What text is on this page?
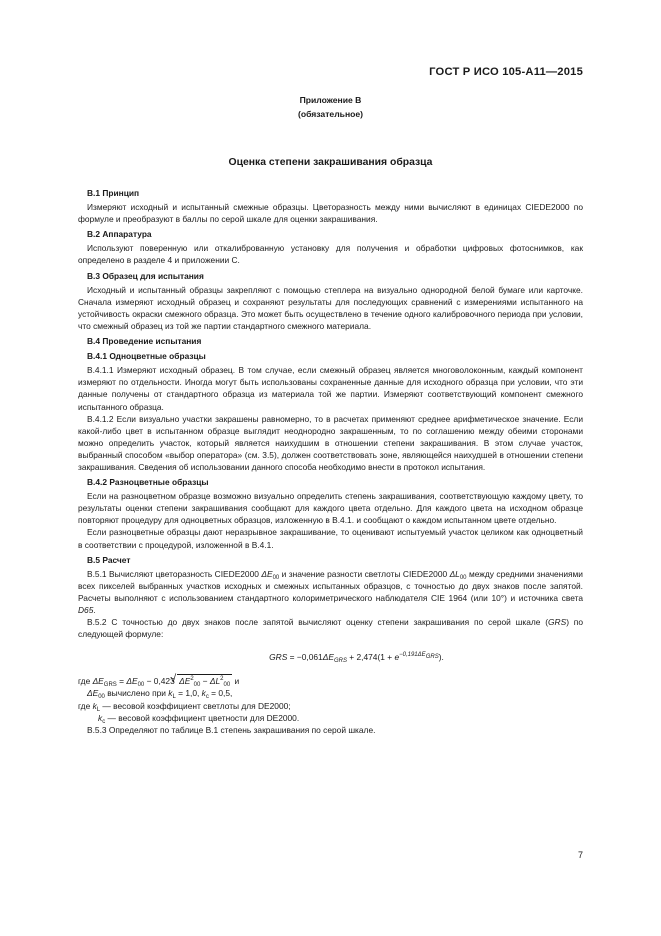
ГОСТ Р ИСО 105-A11—2015
Приложение В
(обязательное)
Оценка степени закрашивания образца
В.1 Принцип

Измеряют исходный и испытанный смежные образцы. Цветоразность между ними вычисляют в единицах CIEDE2000 по формуле и преобразуют в баллы по серой шкале для оценки закрашивания.

В.2 Аппаратура

Используют поверенную или откалиброванную установку для получения и обработки цифровых фотоснимков, как определено в разделе 4 и приложении С.

В.3 Образец для испытания

Исходный и испытанный образцы закрепляют с помощью степлера на визуально однородной белой бумаге или карточке. Сначала измеряют исходный образец и сохраняют результаты для последующих сравнений с измерениями испытанного на устойчивость окраски смежного образца. Это может быть осуществлено в течение одного калибровочного периода при условии, что смежный образец из той же партии стандартного смежного материала.

В.4 Проведение испытания
В.4.1 Одноцветные образцы

В.4.1.1 Измеряют исходный образец. В том случае, если смежный образец является многоволоконным, каждый компонент измеряют по отдельности. Иногда могут быть использованы сохраненные данные для исходного образца при условии, что эти данные получены от стандартного образца из материала той же партии. Измеряют соответствующий компонент смежного испытанного образца.

В.4.1.2 Если визуально участки закрашены равномерно, то в расчетах применяют среднее арифметическое значение. Если какой-либо цвет в испытанном образце выглядит неоднородно закрашенным, то по соглашению между обеими сторонами можно определить участок, который является наихудшим в отношении степени закрашивания. В этом случае участок, выбранный способом «выбор оператора» (см. 3.5), должен соответствовать зоне, являющейся наихудшей в отношении степени закрашивания. Сведения об использовании данного способа необходимо внести в протокол испытания.

В.4.2 Разноцветные образцы

Если на разноцветном образце возможно визуально определить степень закрашивания, соответствующую каждому цвету, то результаты оценки степени закрашивания сообщают для каждого цвета отдельно. Для каждого цвета на исходном образце повторяют процедуру для одноцветных образцов, изложенную в В.4.1. и сообщают о каждом испытанном цвете отдельно.

Если разноцветные образцы дают неразрывное закрашивание, то оценивают испытуемый участок целиком как одноцветный в соответствии с процедурой, изложенной в В.4.1.

В.5 Расчет

В.5.1 Вычисляют цветоразность CIEDE2000 $\Delta E_{00}$ и значение разности светлоты CIEDE2000 $\Delta L_{00}$ между средними значениями всех пикселей выбранных участков исходных и смежных испытанных образцов, с точностью до двух знаков после запятой. Расчеты выполняют с использованием стандартного колориметрического наблюдателя CIE 1964 (или 10°) и источника света D65.

В.5.2 С точностью до двух знаков после запятой вычисляют оценку степени закрашивания по серой шкале (GRS) по следующей формуле:

GRS = $-0,061\Delta E_{GRS} + 2,474(1 + e^{-0,191\Delta E_{GRS}})$.

где $\Delta E_{GRS} = \Delta E_{00} - 0,423$ √ $\Delta E^2_{00} - \Delta L^2_{00}$ и

$\Delta E_{00}$ вычислено при $k_L = 1,0$, $k_c = 0,5$,

где $k_L$ — весовой коэффициент светлоты для DE2000;

$k_c$ — весовой коэффициент цветности для DE2000.

В.5.3 Определяют по таблице В.1 степень закрашивания по серой шкале.

7
